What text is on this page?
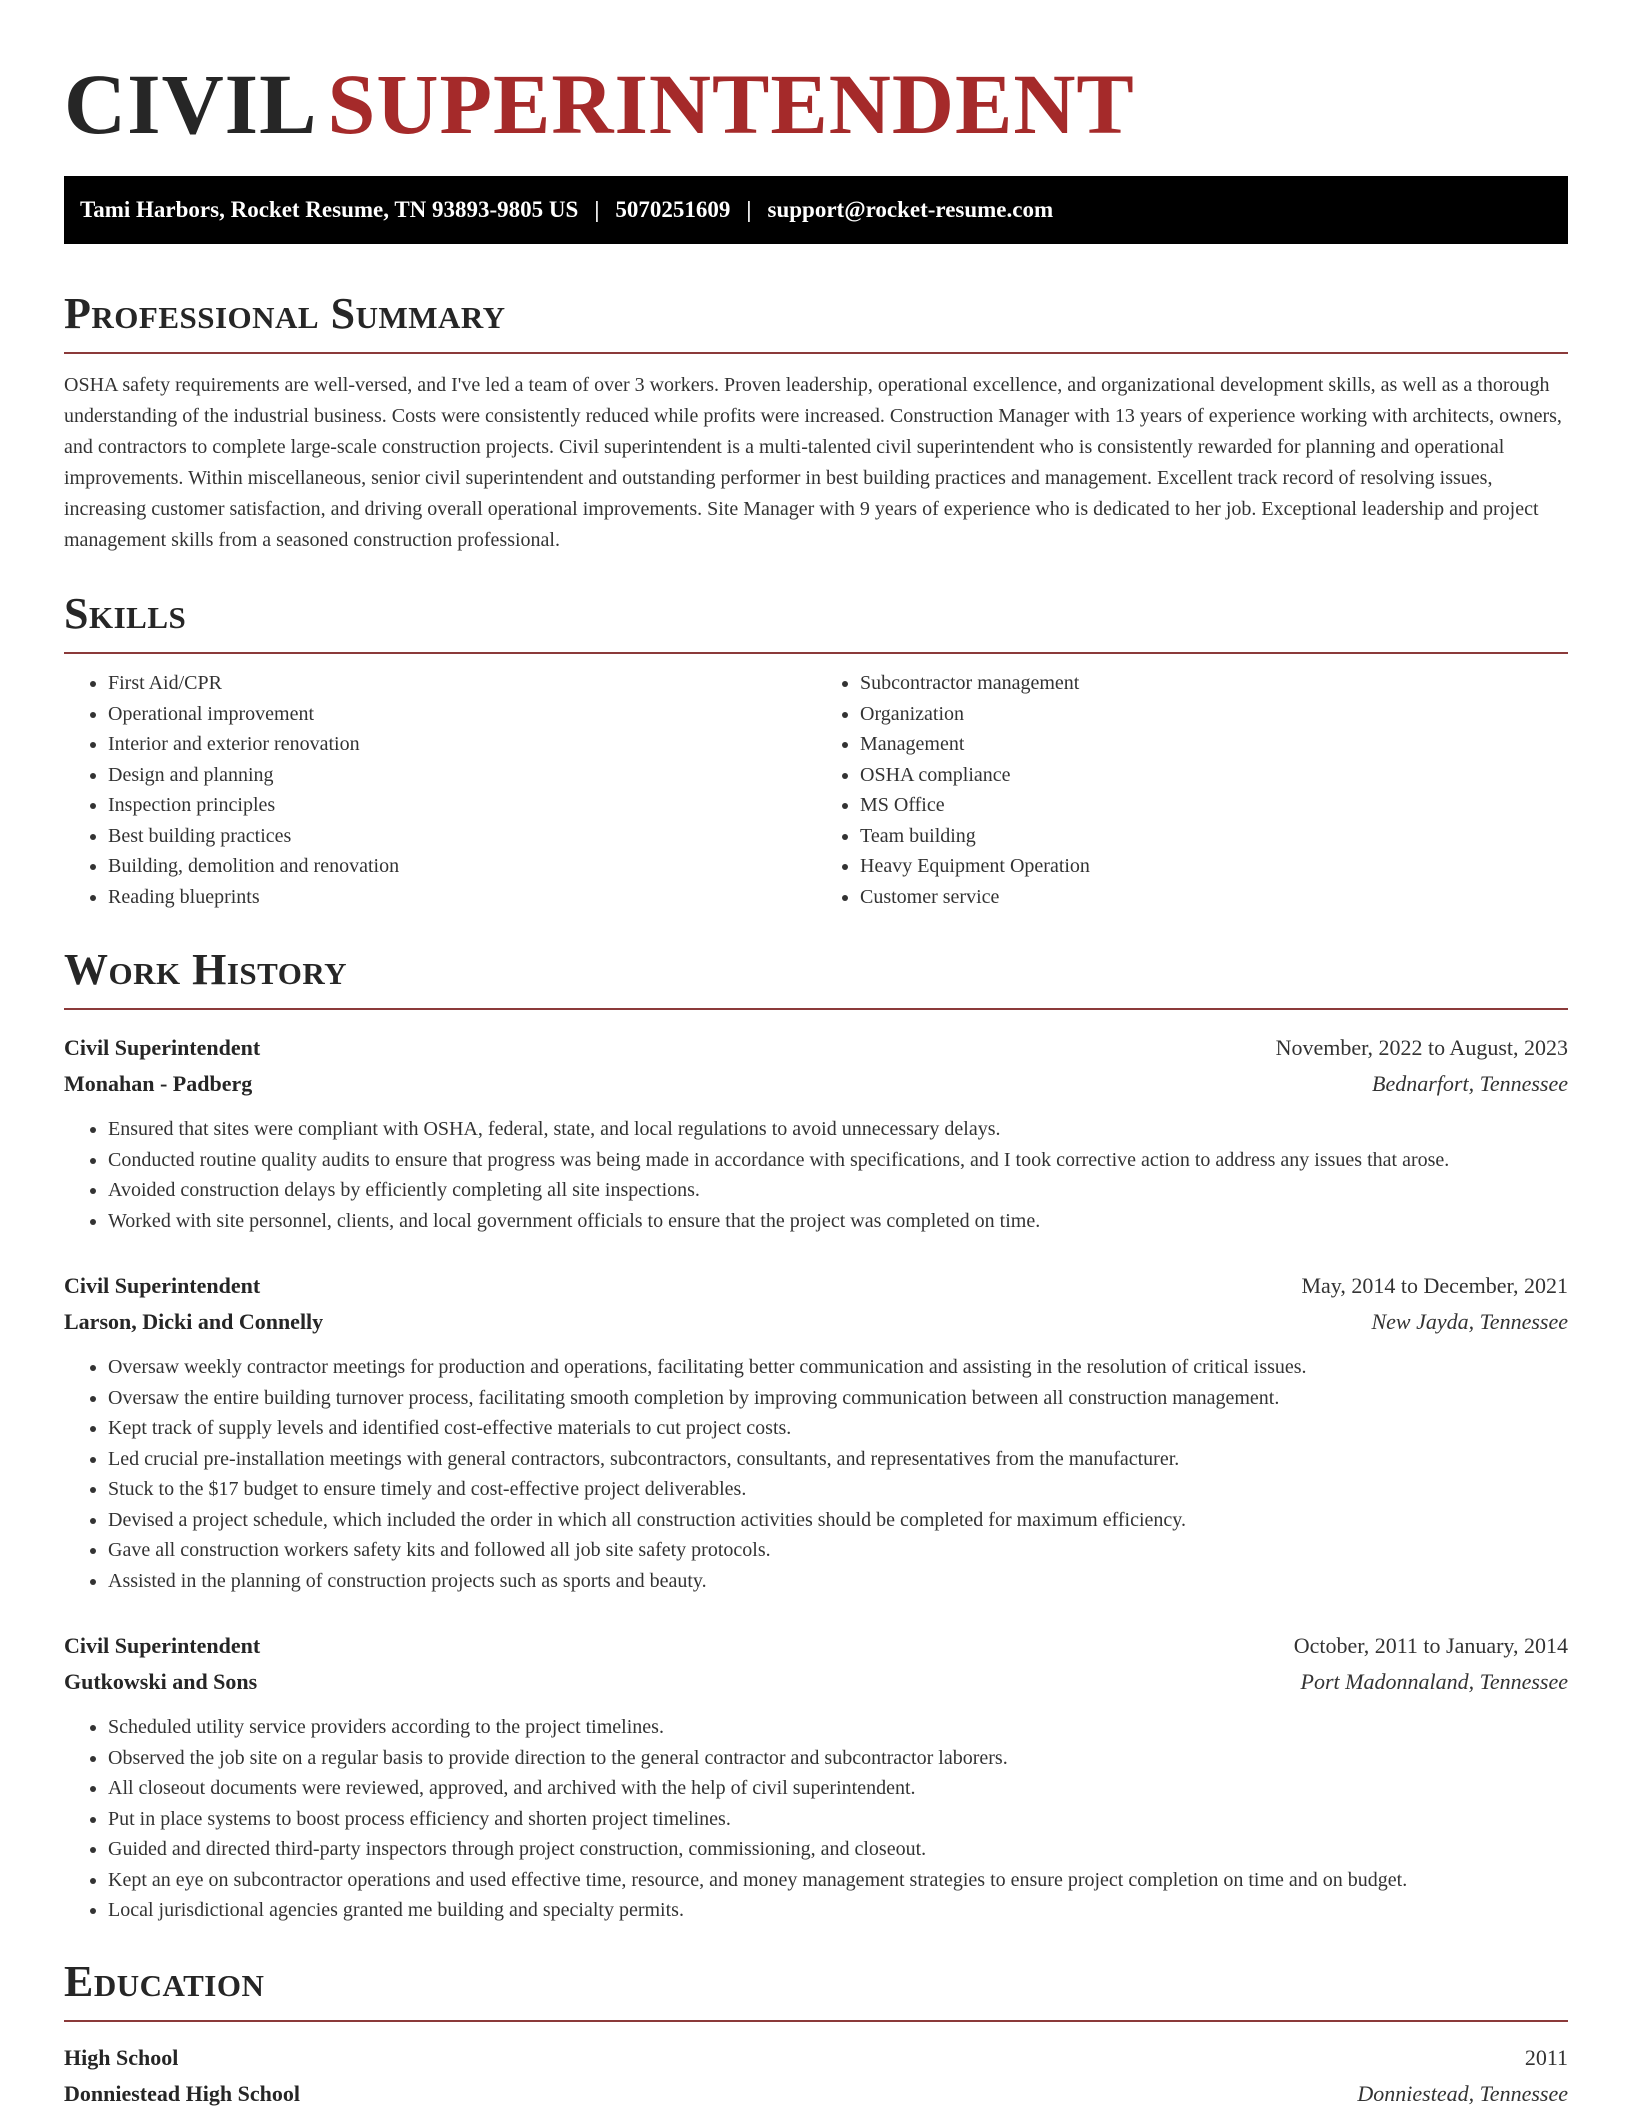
CIVIL SUPERINTENDENT
Tami Harbors, Rocket Resume, TN 93893-9805 US | 5070251609 | support@rocket-resume.com
Professional Summary

OSHA safety requirements are well-versed, and I've led a team of over 3 workers. Proven leadership, operational excellence, and organizational development skills, as well as a thorough understanding of the industrial business. Costs were consistently reduced while profits were increased. Construction Manager with 13 years of experience working with architects, owners, and contractors to complete large-scale construction projects. Civil superintendent is a multi-talented civil superintendent who is consistently rewarded for planning and operational improvements. Within miscellaneous, senior civil superintendent and outstanding performer in best building practices and management. Excellent track record of resolving issues, increasing customer satisfaction, and driving overall operational improvements. Site Manager with 9 years of experience who is dedicated to her job. Exceptional leadership and project management skills from a seasoned construction professional.

Skills
• First Aid/CPR
• Operational improvement
• Interior and exterior renovation
• Design and planning
• Inspection principles
• Best building practices
• Building, demolition and renovation
• Reading blueprints
• Subcontractor management
• Organization
• Management
• OSHA compliance
• MS Office
• Team building
• Heavy Equipment Operation
• Customer service
Work History
Civil Superintendent	November, 2022 to August, 2023
Monahan - Padberg	Bednarfort, Tennessee
• Ensured that sites were compliant with OSHA, federal, state, and local regulations to avoid unnecessary delays.
• Conducted routine quality audits to ensure that progress was being made in accordance with specifications, and I took corrective action to address any issues that arose.
• Avoided construction delays by efficiently completing all site inspections.
• Worked with site personnel, clients, and local government officials to ensure that the project was completed on time.
Civil Superintendent	May, 2014 to December, 2021
Larson, Dicki and Connelly	New Jayda, Tennessee
• Oversaw weekly contractor meetings for production and operations, facilitating better communication and assisting in the resolution of critical issues.
• Oversaw the entire building turnover process, facilitating smooth completion by improving communication between all construction management.
• Kept track of supply levels and identified cost-effective materials to cut project costs.
• Led crucial pre-installation meetings with general contractors, subcontractors, consultants, and representatives from the manufacturer.
• Stuck to the $17 budget to ensure timely and cost-effective project deliverables.
• Devised a project schedule, which included the order in which all construction activities should be completed for maximum efficiency.
• Gave all construction workers safety kits and followed all job site safety protocols.
• Assisted in the planning of construction projects such as sports and beauty.
Civil Superintendent	October, 2011 to January, 2014
Gutkowski and Sons	Port Madonnaland, Tennessee
• Scheduled utility service providers according to the project timelines.
• Observed the job site on a regular basis to provide direction to the general contractor and subcontractor laborers.
• All closeout documents were reviewed, approved, and archived with the help of civil superintendent.
• Put in place systems to boost process efficiency and shorten project timelines.
• Guided and directed third-party inspectors through project construction, commissioning, and closeout.
• Kept an eye on subcontractor operations and used effective time, resource, and money management strategies to ensure project completion on time and on budget.
• Local jurisdictional agencies granted me building and specialty permits.
Education
High School	2011
Donniestead High School	Donniestead, Tennessee
